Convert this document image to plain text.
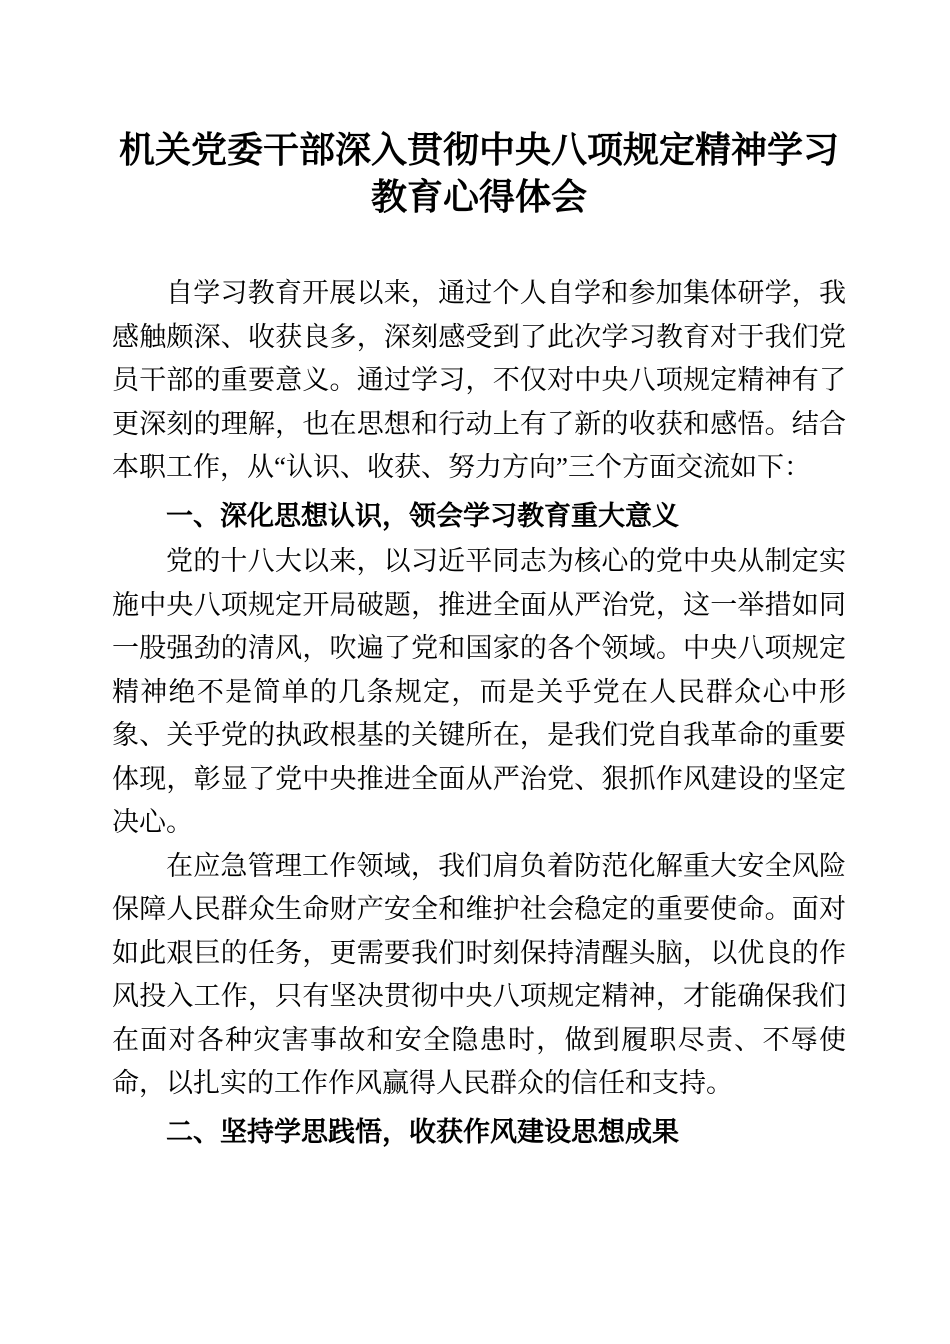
机关党委干部深入贯彻中央八项规定精神学习教育心得体会

自学习教育开展以来，通过个人自学和参加集体研学，我感触颇深、收获良多，深刻感受到了此次学习教育对于我们党员干部的重要意义。通过学习，不仅对中央八项规定精神有了更深刻的理解，也在思想和行动上有了新的收获和感悟。结合本职工作，从“认识、收获、努力方向”三个方面交流如下：

一、深化思想认识，领会学习教育重大意义

党的十八大以来，以习近平同志为核心的党中央从制定实施中央八项规定开局破题，推进全面从严治党，这一举措如同一股强劲的清风，吹遍了党和国家的各个领域。中央八项规定精神绝不是简单的几条规定，而是关乎党在人民群众心中形象、关乎党的执政根基的关键所在，是我们党自我革命的重要体现，彰显了党中央推进全面从严治党、狠抓作风建设的坚定决心。

在应急管理工作领域，我们肩负着防范化解重大安全风险保障人民群众生命财产安全和维护社会稳定的重要使命。面对如此艰巨的任务，更需要我们时刻保持清醒头脑，以优良的作风投入工作，只有坚决贯彻中央八项规定精神，才能确保我们在面对各种灾害事故和安全隐患时，做到履职尽责、不辱使命，以扎实的工作作风赢得人民群众的信任和支持。

二、坚持学思践悟，收获作风建设思想成果
